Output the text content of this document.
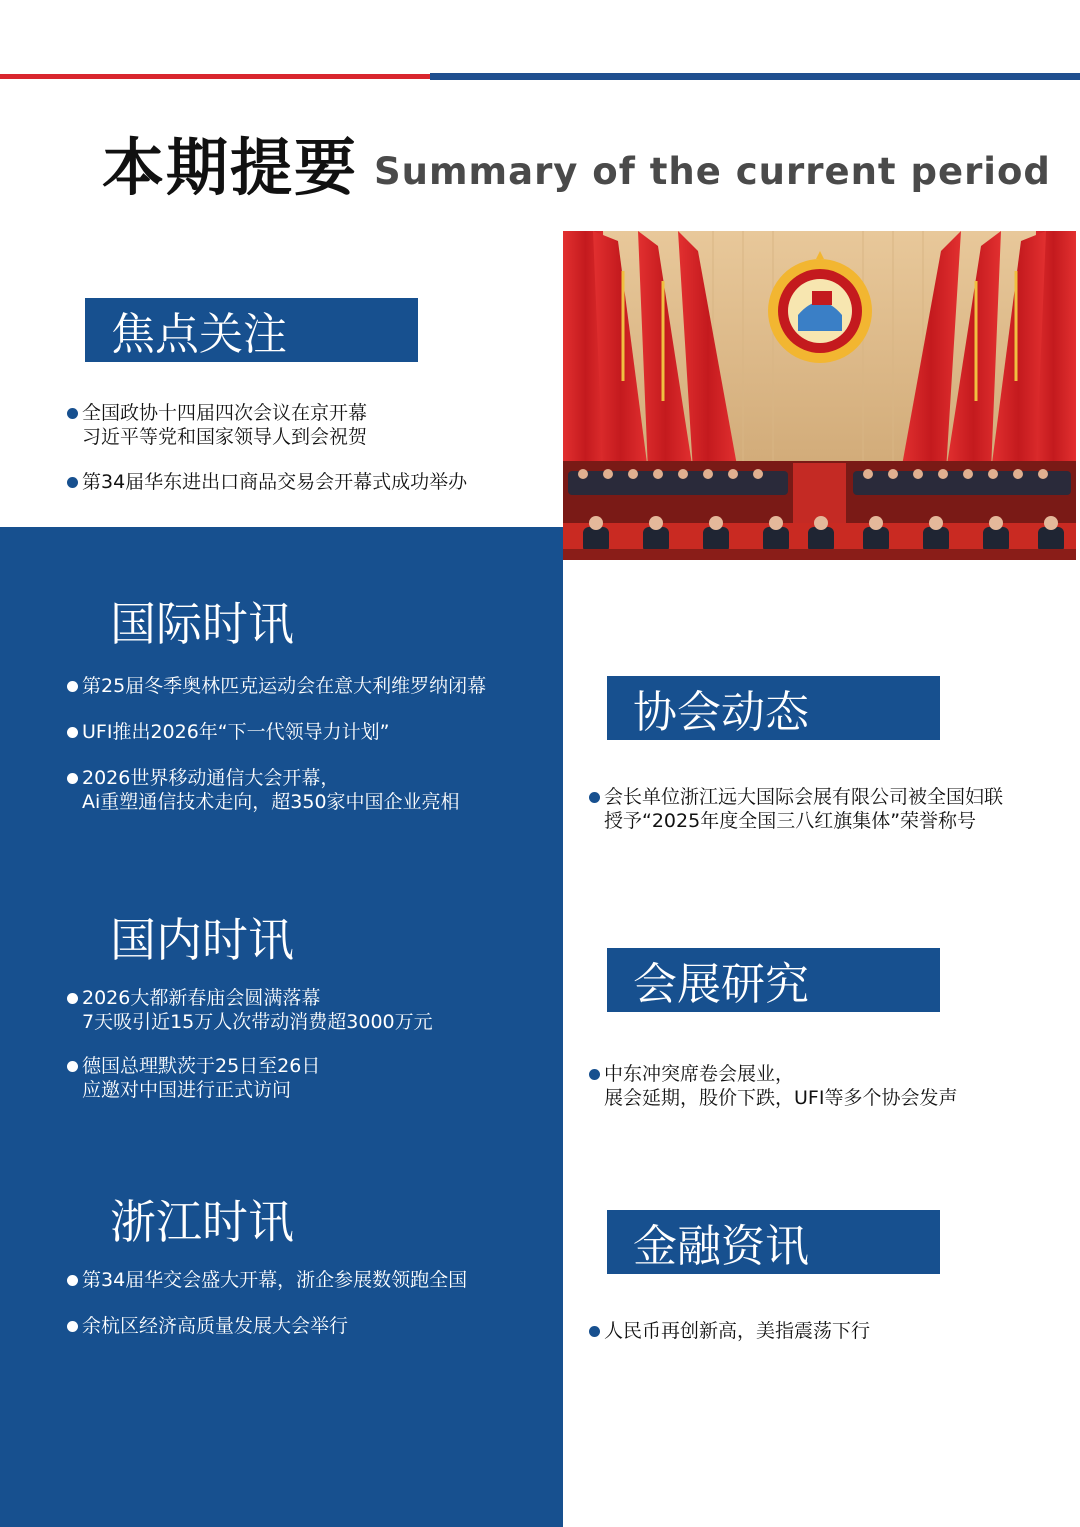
本期提要 Summary of the current period
焦点关注
全国政协十四届四次会议在京开幕
习近平等党和国家领导人到会祝贺
第34届华东进出口商品交易会开幕式成功举办
国际时讯
第25届冬季奥林匹克运动会在意大利维罗纳闭幕
UFI推出2026年“下一代领导力计划”
2026世界移动通信大会开幕，
Ai重塑通信技术走向，超350家中国企业亮相
国内时讯
2026大都新春庙会圆满落幕
7天吸引近15万人次带动消费超3000万元
德国总理默茨于25日至26日
应邀对中国进行正式访问
浙江时讯
第34届华交会盛大开幕，浙企参展数领跑全国
余杭区经济高质量发展大会举行
协会动态
会长单位浙江远大国际会展有限公司被全国妇联
授予“2025年度全国三八红旗集体”荣誉称号
会展研究
中东冲突席卷会展业，
展会延期，股价下跌，UFI等多个协会发声
金融资讯
人民币再创新高，美指震荡下行
